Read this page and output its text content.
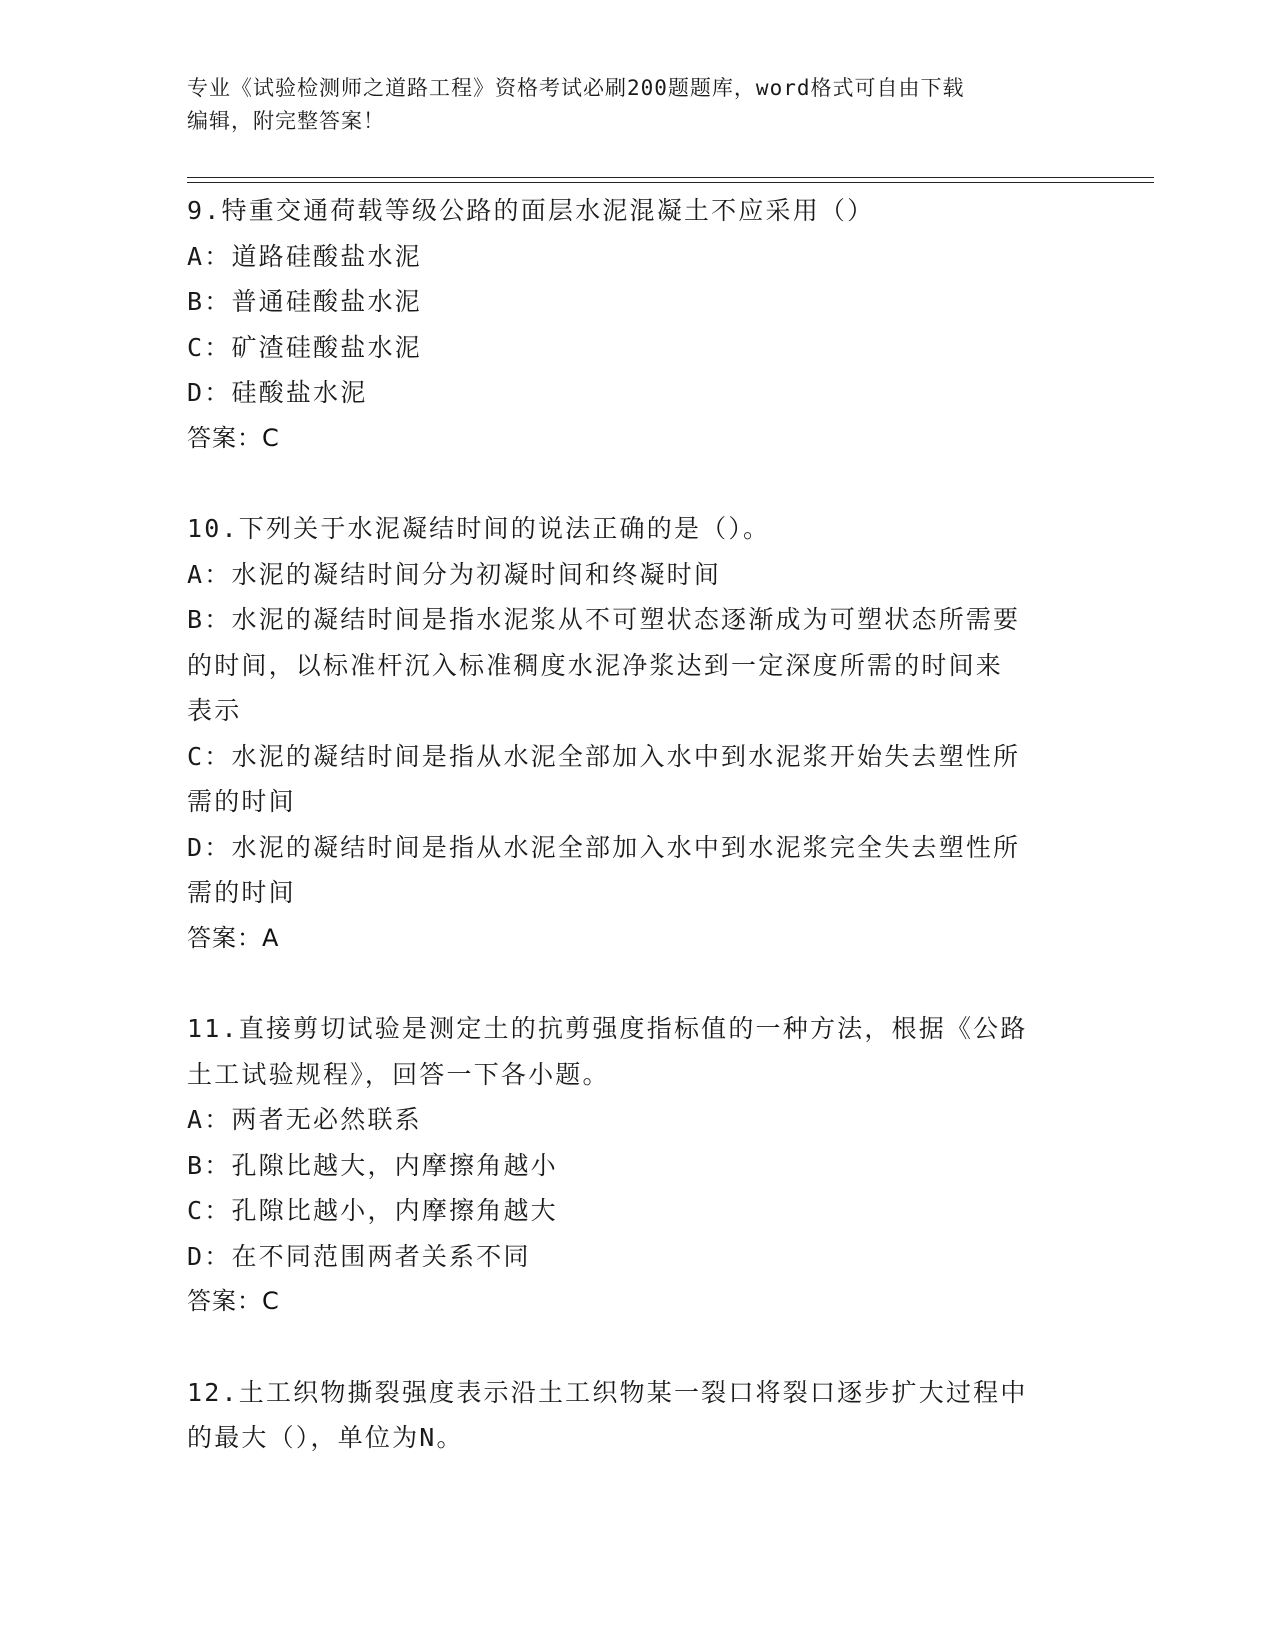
专业《试验检测师之道路工程》资格考试必刷200题题库，word格式可自由下载
编辑，附完整答案！
9.特重交通荷载等级公路的面层水泥混凝土不应采用（）
A：道路硅酸盐水泥
B：普通硅酸盐水泥
C：矿渣硅酸盐水泥
D：硅酸盐水泥
答案：C
10.下列关于水泥凝结时间的说法正确的是（）。
A：水泥的凝结时间分为初凝时间和终凝时间
B：水泥的凝结时间是指水泥浆从不可塑状态逐渐成为可塑状态所需要
的时间，以标准杆沉入标准稠度水泥净浆达到一定深度所需的时间来
表示
C：水泥的凝结时间是指从水泥全部加入水中到水泥浆开始失去塑性所
需的时间
D：水泥的凝结时间是指从水泥全部加入水中到水泥浆完全失去塑性所
需的时间
答案：A
11.直接剪切试验是测定土的抗剪强度指标值的一种方法，根据《公路
土工试验规程》，回答一下各小题。
A：两者无必然联系
B：孔隙比越大，内摩擦角越小
C：孔隙比越小，内摩擦角越大
D：在不同范围两者关系不同
答案：C
12.土工织物撕裂强度表示沿土工织物某一裂口将裂口逐步扩大过程中
的最大（），单位为N。
